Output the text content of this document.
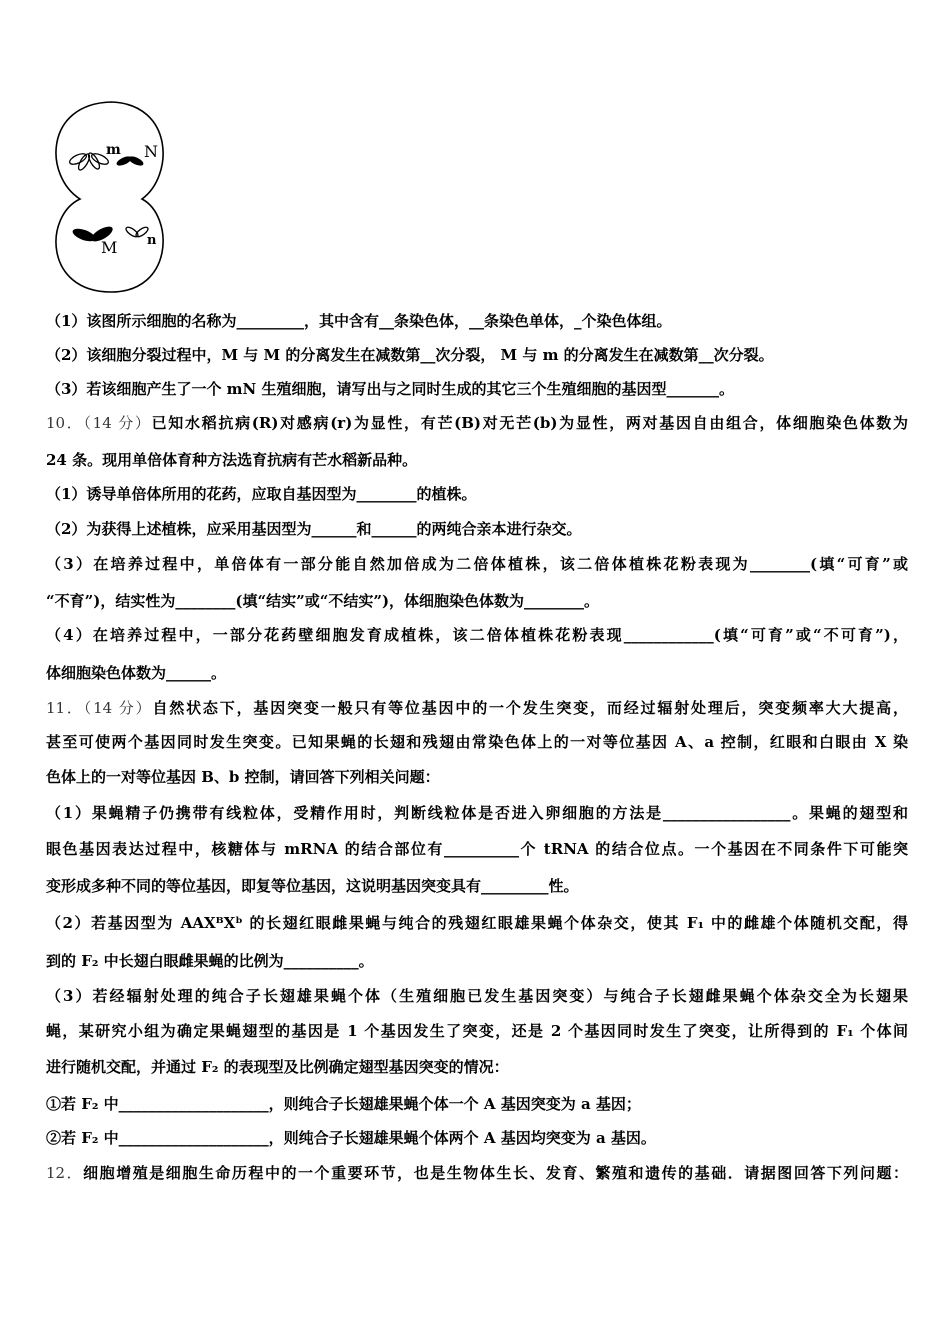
m N
M n
（1）该图所示细胞的名称为_________，其中含有__条染色体，__条染色单体，_个染色体组。
（2）该细胞分裂过程中，M 与 M 的分离发生在减数第__次分裂， M 与 m 的分离发生在减数第__次分裂。
（3）若该细胞产生了一个 mN 生殖细胞，请写出与之同时生成的其它三个生殖细胞的基因型_______。
10．（14 分）已知水稻抗病(R)对感病(r)为显性，有芒(B)对无芒(b)为显性，两对基因自由组合，体细胞染色体数为
24 条。现用单倍体育种方法选育抗病有芒水稻新品种。
（1）诱导单倍体所用的花药，应取自基因型为________的植株。
（2）为获得上述植株，应采用基因型为______和______的两纯合亲本进行杂交。
（3）在培养过程中，单倍体有一部分能自然加倍成为二倍体植株，该二倍体植株花粉表现为________(填“可育”或
“不育”)，结实性为________(填“结实”或“不结实”)，体细胞染色体数为________。
（4）在培养过程中，一部分花药壁细胞发育成植株，该二倍体植株花粉表现____________(填“可育”或“不可育”)，
体细胞染色体数为______。
11．（14 分）自然状态下，基因突变一般只有等位基因中的一个发生突变，而经过辐射处理后，突变频率大大提高，
甚至可使两个基因同时发生突变。已知果蝇的长翅和残翅由常染色体上的一对等位基因 A、a 控制，红眼和白眼由 X 染
色体上的一对等位基因 B、b 控制，请回答下列相关问题：
（1）果蝇精子仍携带有线粒体，受精作用时，判断线粒体是否进入卵细胞的方法是_________________。果蝇的翅型和
眼色基因表达过程中，核糖体与 mRNA 的结合部位有__________个 tRNA 的结合位点。一个基因在不同条件下可能突
变形成多种不同的等位基因，即复等位基因，这说明基因突变具有_________性。
（2）若基因型为 AAXᴮXᵇ 的长翅红眼雌果蝇与纯合的残翅红眼雄果蝇个体杂交，使其 F₁ 中的雌雄个体随机交配，得
到的 F₂ 中长翅白眼雌果蝇的比例为__________。
（3）若经辐射处理的纯合子长翅雄果蝇个体（生殖细胞已发生基因突变）与纯合子长翅雌果蝇个体杂交全为长翅果
蝇，某研究小组为确定果蝇翅型的基因是 1 个基因发生了突变，还是 2 个基因同时发生了突变，让所得到的 F₁ 个体间
进行随机交配，并通过 F₂ 的表现型及比例确定翅型基因突变的情况：
①若 F₂ 中____________________，则纯合子长翅雄果蝇个体一个 A 基因突变为 a 基因；
②若 F₂ 中____________________，则纯合子长翅雄果蝇个体两个 A 基因均突变为 a 基因。
12．细胞增殖是细胞生命历程中的一个重要环节，也是生物体生长、发育、繁殖和遗传的基础．请据图回答下列问题：
